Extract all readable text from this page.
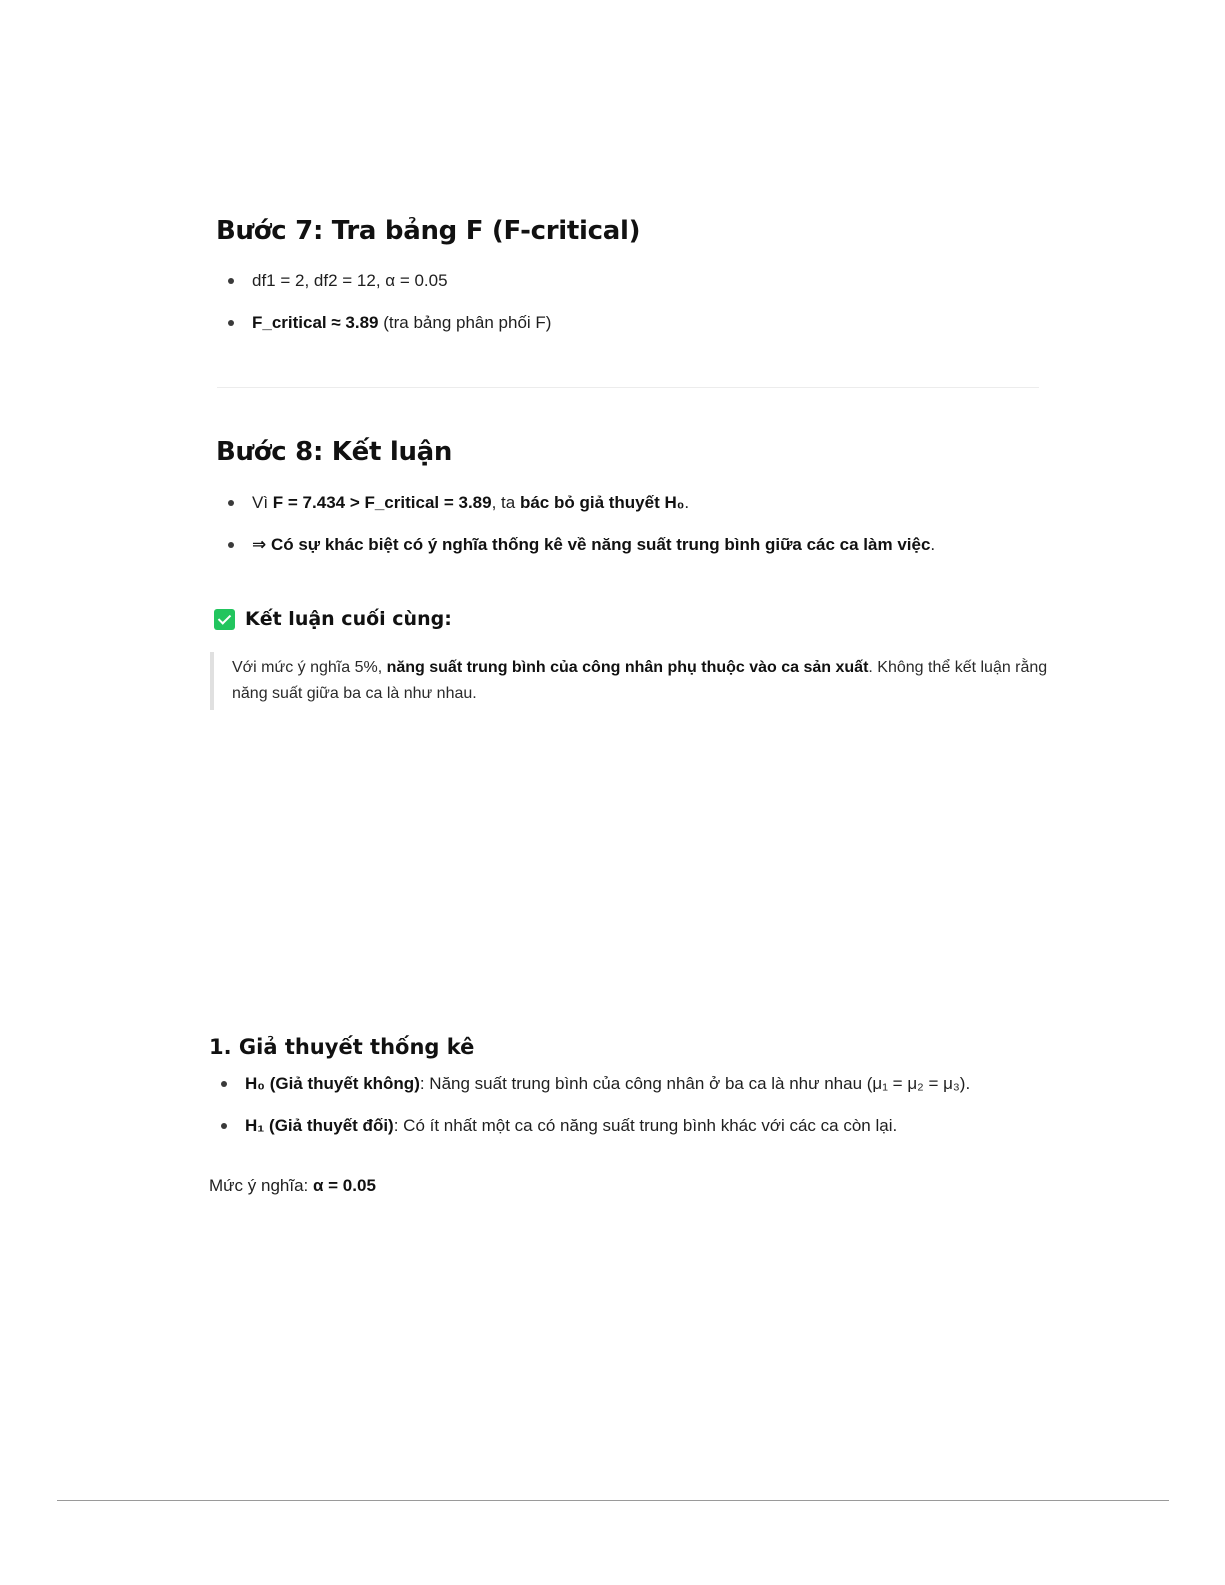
Bước 7: Tra bảng F (F-critical)
df1 = 2, df2 = 12, α = 0.05
F_critical ≈ 3.89 (tra bảng phân phối F)
Bước 8: Kết luận
Vì F = 7.434 > F_critical = 3.89, ta bác bỏ giả thuyết H₀.
⇒ Có sự khác biệt có ý nghĩa thống kê về năng suất trung bình giữa các ca làm việc.
Kết luận cuối cùng:
Với mức ý nghĩa 5%, năng suất trung bình của công nhân phụ thuộc vào ca sản xuất. Không thể kết luận rằng năng suất giữa ba ca là như nhau.
1. Giả thuyết thống kê
H₀ (Giả thuyết không): Năng suất trung bình của công nhân ở ba ca là như nhau (μ₁ = μ₂ = μ₃).
H₁ (Giả thuyết đối): Có ít nhất một ca có năng suất trung bình khác với các ca còn lại.
Mức ý nghĩa: α = 0.05
